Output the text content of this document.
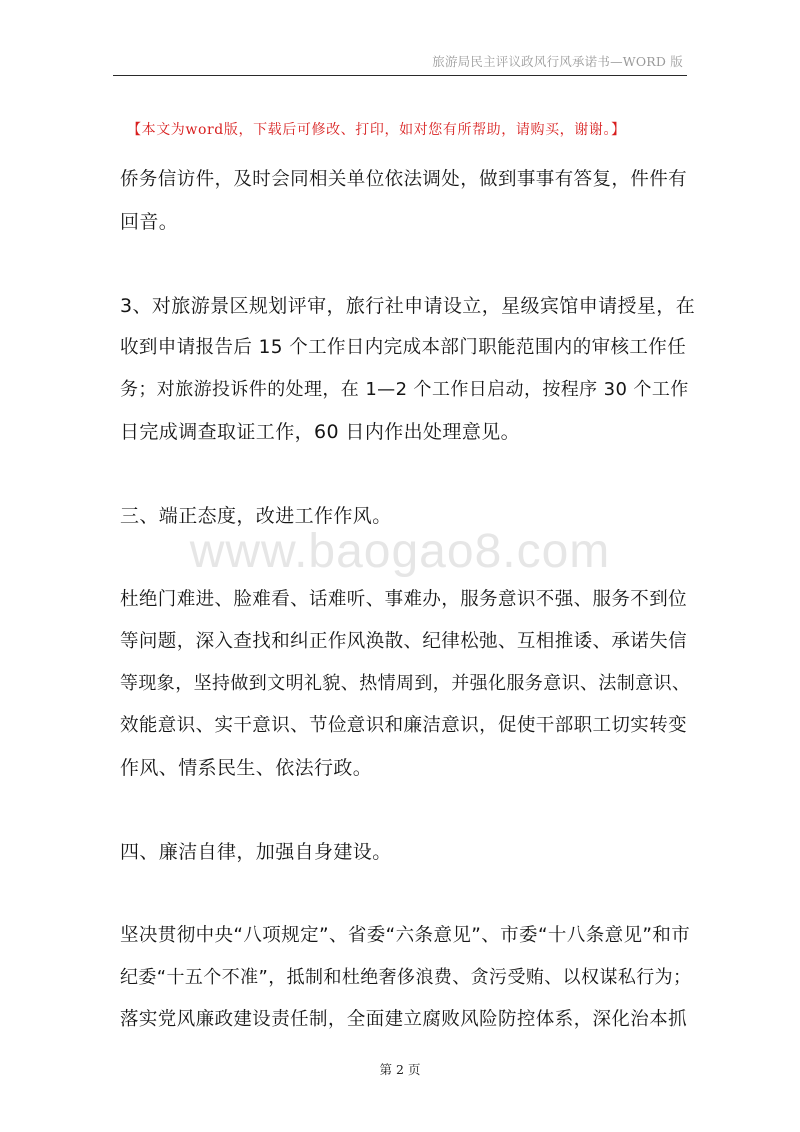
旅游局民主评议政风行风承诺书—WORD 版
【本文为word版，下载后可修改、打印，如对您有所帮助，请购买，谢谢。】
www.baogao8.com
侨务信访件，及时会同相关单位依法调处，做到事事有答复，件件有
回音。
3、对旅游景区规划评审，旅行社申请设立，星级宾馆申请授星，在
收到申请报告后 15 个工作日内完成本部门职能范围内的审核工作任
务；对旅游投诉件的处理，在 1—2 个工作日启动，按程序 30 个工作
日完成调查取证工作，60 日内作出处理意见。
三、端正态度，改进工作作风。
杜绝门难进、脸难看、话难听、事难办，服务意识不强、服务不到位
等问题，深入查找和纠正作风涣散、纪律松弛、互相推诿、承诺失信
等现象，坚持做到文明礼貌、热情周到，并强化服务意识、法制意识、
效能意识、实干意识、节俭意识和廉洁意识，促使干部职工切实转变
作风、情系民生、依法行政。
四、廉洁自律，加强自身建设。
坚决贯彻中央“八项规定”、省委“六条意见”、市委“十八条意见”和市
纪委“十五个不准”，抵制和杜绝奢侈浪费、贪污受贿、以权谋私行为；
落实党风廉政建设责任制，全面建立腐败风险防控体系，深化治本抓
第 2 页
